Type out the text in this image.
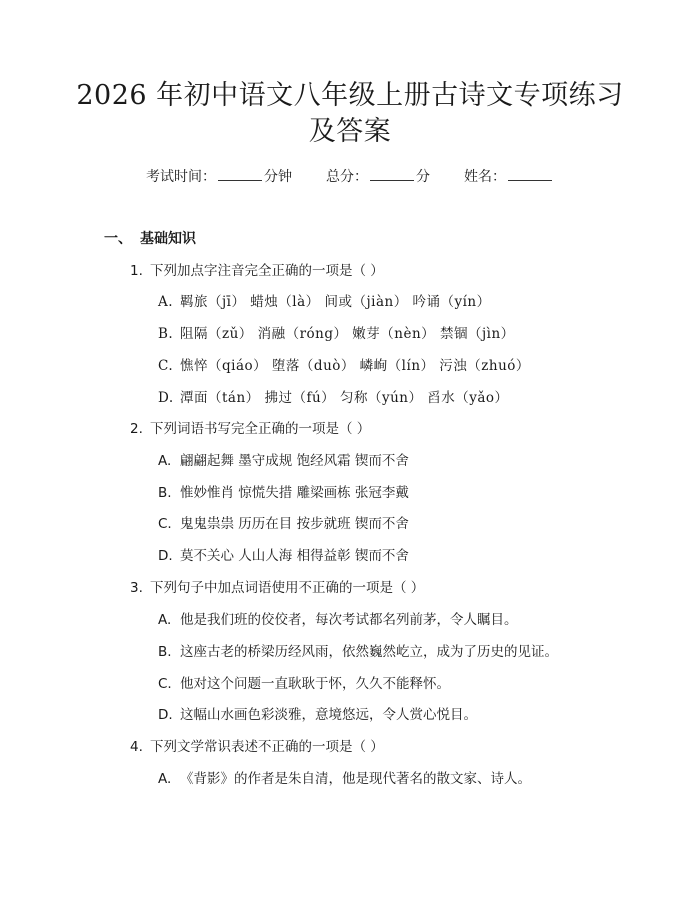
2026 年初中语文八年级上册古诗文专项练习
及答案
考试时间：	分钟 总分：	分 姓名：
一、 基础知识
1. 下列加点字注音完全正确的一项是（ ）
A. 羁旅（jī） 蜡烛（là） 间或（jiàn） 吟诵（yín）
B. 阻隔（zǔ） 消融（róng） 嫩芽（nèn） 禁锢（jìn）
C. 憔悴（qiáo） 堕落（duò） 嶙峋（lín） 污浊（zhuó）
D. 潭面（tán） 拂过（fú） 匀称（yún） 舀水（yǎo）
2. 下列词语书写完全正确的一项是（ ）
A. 翩翩起舞 墨守成规 饱经风霜 锲而不舍
B. 惟妙惟肖 惊慌失措 雕梁画栋 张冠李戴
C. 鬼鬼祟祟 历历在目 按步就班 锲而不舍
D. 莫不关心 人山人海 相得益彰 锲而不舍
3. 下列句子中加点词语使用不正确的一项是（ ）
A. 他是我们班的佼佼者，每次考试都名列前茅，令人瞩目。
B. 这座古老的桥梁历经风雨，依然巍然屹立，成为了历史的见证。
C. 他对这个问题一直耿耿于怀，久久不能释怀。
D. 这幅山水画色彩淡雅，意境悠远，令人赏心悦目。
4. 下列文学常识表述不正确的一项是（ ）
A. 《背影》的作者是朱自清，他是现代著名的散文家、诗人。
